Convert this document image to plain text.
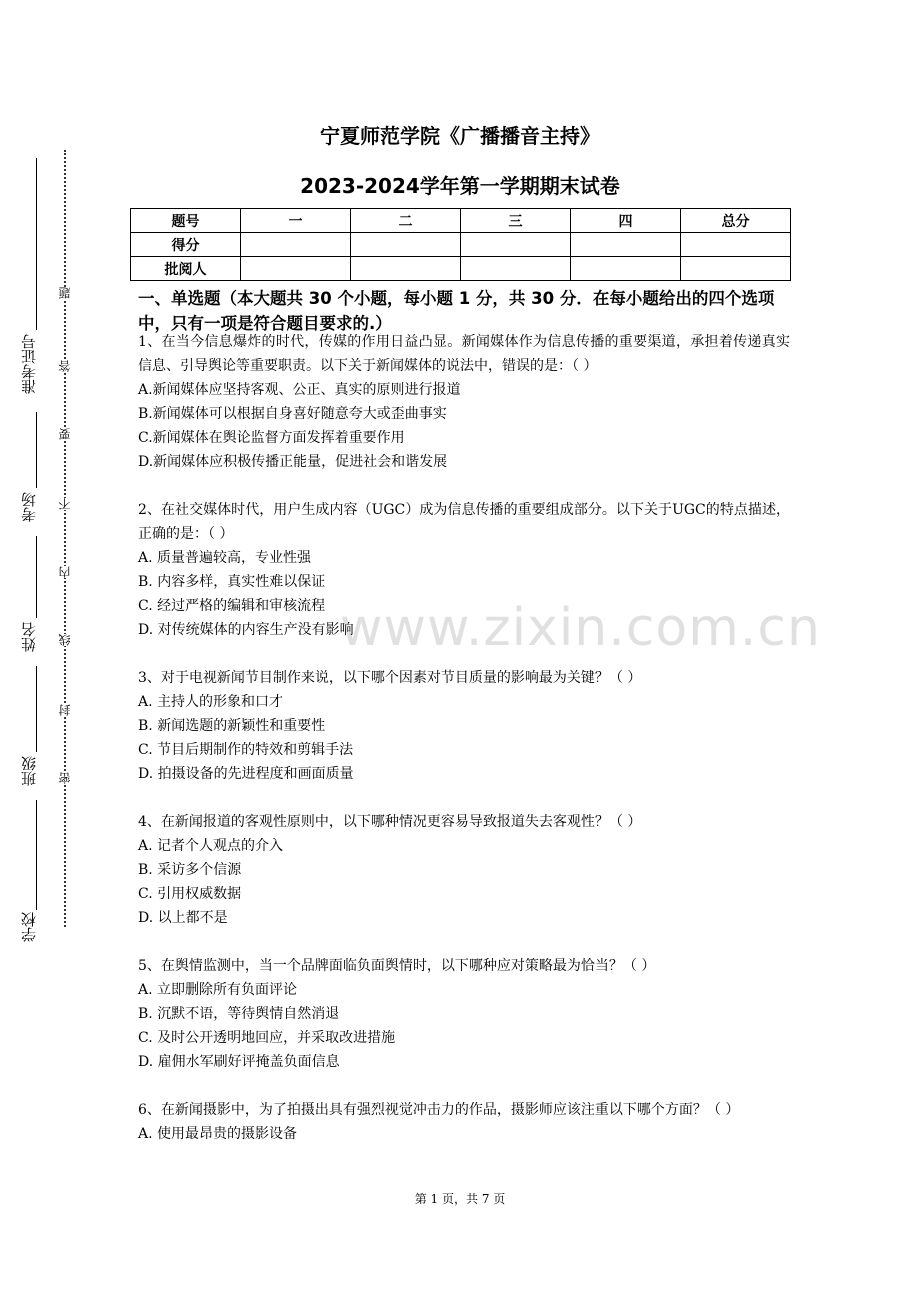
题
答
要
不
内
线
封
密
准考证号
考场
姓名
班级
学校
宁夏师范学院《广播播音主持》
2023-2024学年第一学期期末试卷
题号	一	二	三	四	总分
得分					
批阅人					
一、单选题（本大题共 30 个小题，每小题 1 分，共 30 分．在每小题给出的四个选项中，只有一项是符合题目要求的.）
1、在当今信息爆炸的时代，传媒的作用日益凸显。新闻媒体作为信息传播的重要渠道，承担着传递真实信息、引导舆论等重要职责。以下关于新闻媒体的说法中，错误的是：（ ）
A.新闻媒体应坚持客观、公正、真实的原则进行报道
B.新闻媒体可以根据自身喜好随意夸大或歪曲事实
C.新闻媒体在舆论监督方面发挥着重要作用
D.新闻媒体应积极传播正能量，促进社会和谐发展
2、在社交媒体时代，用户生成内容（UGC）成为信息传播的重要组成部分。以下关于UGC的特点描述，正确的是：（ ）
A. 质量普遍较高，专业性强
B. 内容多样，真实性难以保证
C. 经过严格的编辑和审核流程
D. 对传统媒体的内容生产没有影响
3、对于电视新闻节目制作来说，以下哪个因素对节目质量的影响最为关键？（ ）
A. 主持人的形象和口才
B. 新闻选题的新颖性和重要性
C. 节目后期制作的特效和剪辑手法
D. 拍摄设备的先进程度和画面质量
4、在新闻报道的客观性原则中，以下哪种情况更容易导致报道失去客观性？（ ）
A. 记者个人观点的介入
B. 采访多个信源
C. 引用权威数据
D. 以上都不是
5、在舆情监测中，当一个品牌面临负面舆情时，以下哪种应对策略最为恰当？（ ）
A. 立即删除所有负面评论
B. 沉默不语，等待舆情自然消退
C. 及时公开透明地回应，并采取改进措施
D. 雇佣水军刷好评掩盖负面信息
6、在新闻摄影中，为了拍摄出具有强烈视觉冲击力的作品，摄影师应该注重以下哪个方面？（ ）
A. 使用最昂贵的摄影设备
www.zixin.com.cn
第 1 页，共 7 页
